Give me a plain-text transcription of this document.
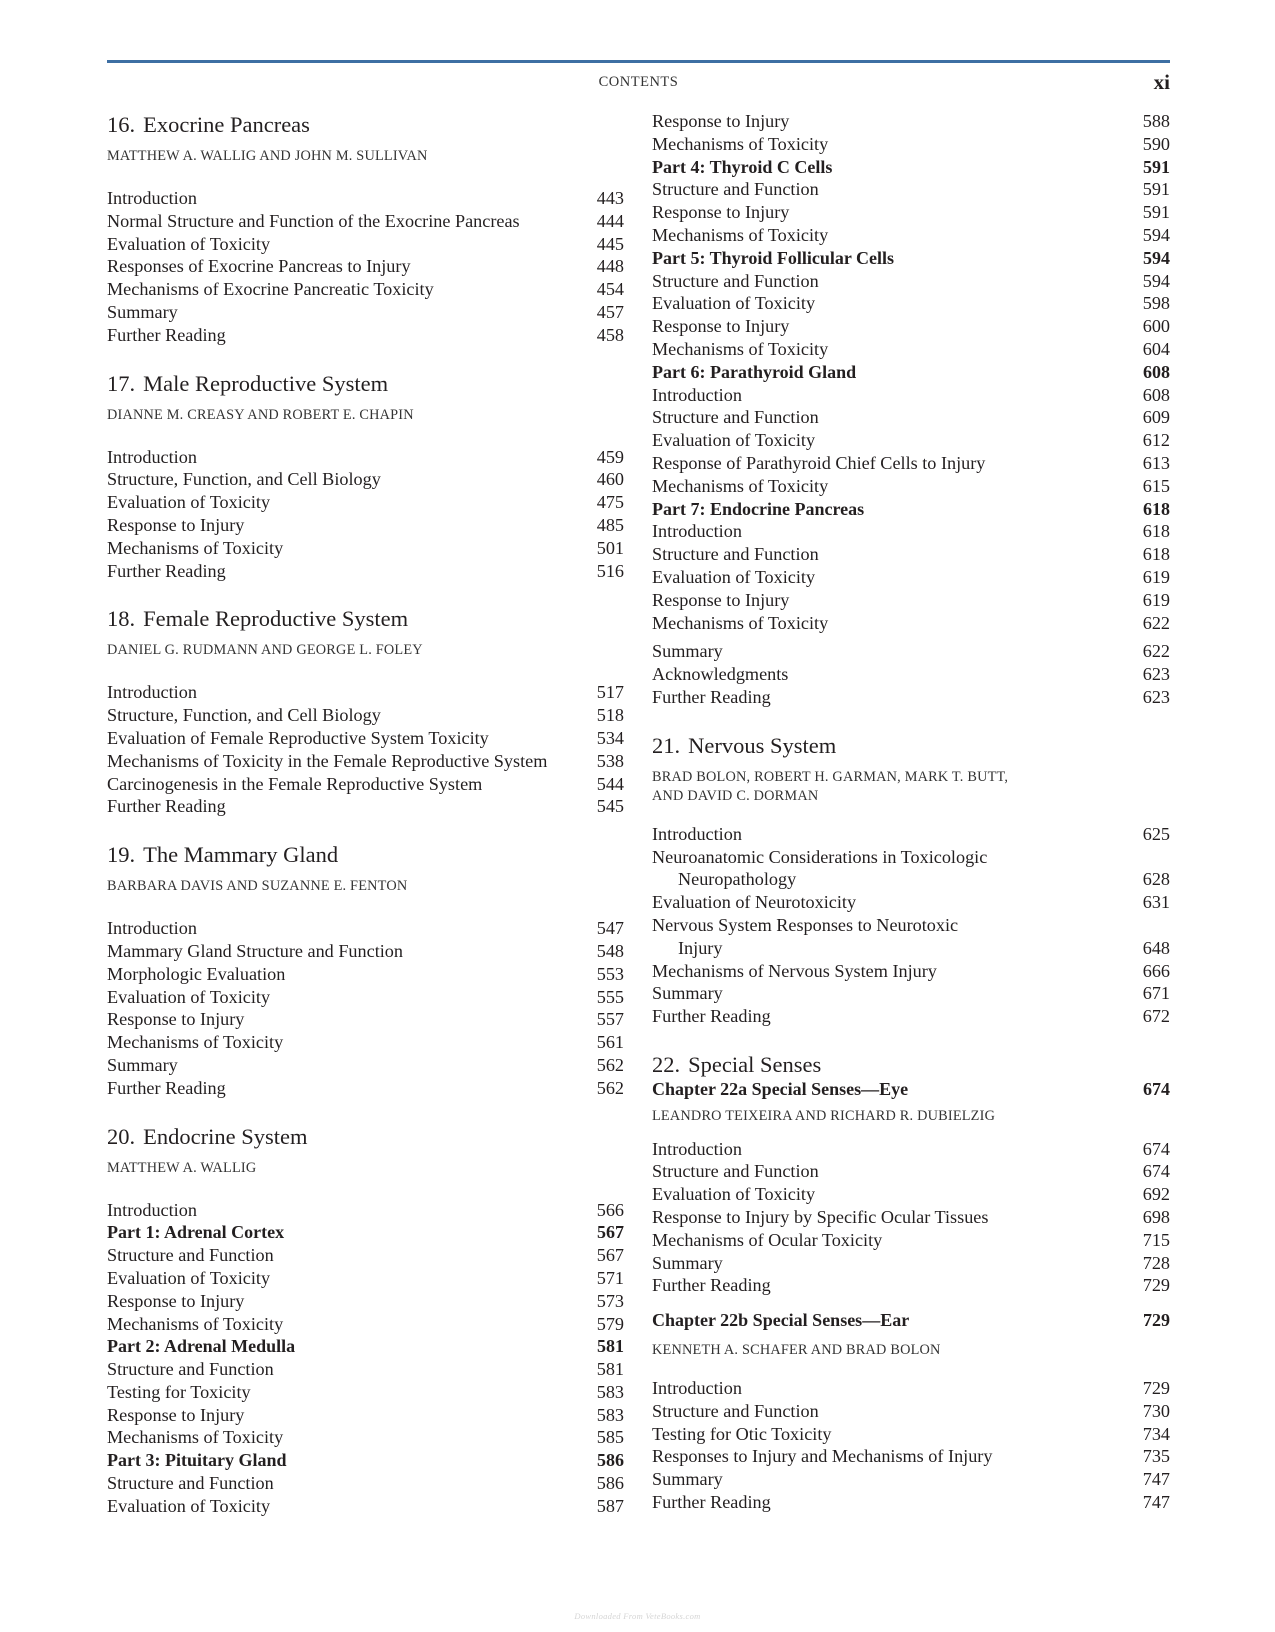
CONTENTS	xi
16. Exocrine Pancreas
MATTHEW A. WALLIG AND JOHN M. SULLIVAN
Introduction	443
Normal Structure and Function of the Exocrine Pancreas	444
Evaluation of Toxicity	445
Responses of Exocrine Pancreas to Injury	448
Mechanisms of Exocrine Pancreatic Toxicity	454
Summary	457
Further Reading	458
17. Male Reproductive System
DIANNE M. CREASY AND ROBERT E. CHAPIN
Introduction	459
Structure, Function, and Cell Biology	460
Evaluation of Toxicity	475
Response to Injury	485
Mechanisms of Toxicity	501
Further Reading	516
18. Female Reproductive System
DANIEL G. RUDMANN AND GEORGE L. FOLEY
Introduction	517
Structure, Function, and Cell Biology	518
Evaluation of Female Reproductive System Toxicity	534
Mechanisms of Toxicity in the Female Reproductive System	538
Carcinogenesis in the Female Reproductive System	544
Further Reading	545
19. The Mammary Gland
BARBARA DAVIS AND SUZANNE E. FENTON
Introduction	547
Mammary Gland Structure and Function	548
Morphologic Evaluation	553
Evaluation of Toxicity	555
Response to Injury	557
Mechanisms of Toxicity	561
Summary	562
Further Reading	562
20. Endocrine System
MATTHEW A. WALLIG
Introduction	566
Part 1: Adrenal Cortex	567
Structure and Function	567
Evaluation of Toxicity	571
Response to Injury	573
Mechanisms of Toxicity	579
Part 2: Adrenal Medulla	581
Structure and Function	581
Testing for Toxicity	583
Response to Injury	583
Mechanisms of Toxicity	585
Part 3: Pituitary Gland	586
Structure and Function	586
Evaluation of Toxicity	587
Response to Injury	588
Mechanisms of Toxicity	590
Part 4: Thyroid C Cells	591
Structure and Function	591
Response to Injury	591
Mechanisms of Toxicity	594
Part 5: Thyroid Follicular Cells	594
Structure and Function	594
Evaluation of Toxicity	598
Response to Injury	600
Mechanisms of Toxicity	604
Part 6: Parathyroid Gland	608
Introduction	608
Structure and Function	609
Evaluation of Toxicity	612
Response of Parathyroid Chief Cells to Injury	613
Mechanisms of Toxicity	615
Part 7: Endocrine Pancreas	618
Introduction	618
Structure and Function	618
Evaluation of Toxicity	619
Response to Injury	619
Mechanisms of Toxicity	622
Summary	622
Acknowledgments	623
Further Reading	623
21. Nervous System
BRAD BOLON, ROBERT H. GARMAN, MARK T. BUTT,
AND DAVID C. DORMAN
Introduction	625
Neuroanatomic Considerations in Toxicologic
Neuropathology	628
Evaluation of Neurotoxicity	631
Nervous System Responses to Neurotoxic
Injury	648
Mechanisms of Nervous System Injury	666
Summary	671
Further Reading	672
22. Special Senses
Chapter 22a Special Senses—Eye	674
LEANDRO TEIXEIRA AND RICHARD R. DUBIELZIG
Introduction	674
Structure and Function	674
Evaluation of Toxicity	692
Response to Injury by Specific Ocular Tissues	698
Mechanisms of Ocular Toxicity	715
Summary	728
Further Reading	729
Chapter 22b Special Senses—Ear	729
KENNETH A. SCHAFER AND BRAD BOLON
Introduction	729
Structure and Function	730
Testing for Otic Toxicity	734
Responses to Injury and Mechanisms of Injury	735
Summary	747
Further Reading	747
Downloaded From VeteBooks.com
